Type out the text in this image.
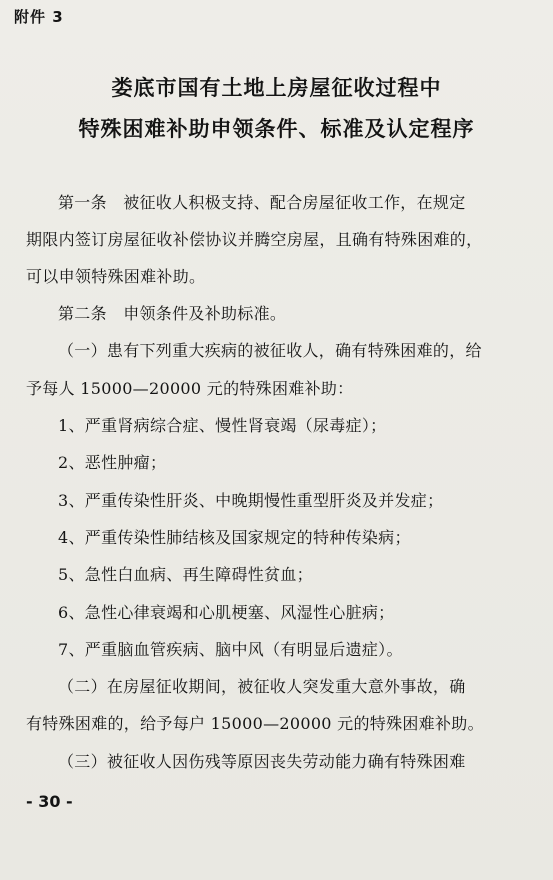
附件 3
娄底市国有土地上房屋征收过程中
特殊困难补助申领条件、标准及认定程序
第一条　被征收人积极支持、配合房屋征收工作，在规定
期限内签订房屋征收补偿协议并腾空房屋，且确有特殊困难的，
可以申领特殊困难补助。
第二条　申领条件及补助标准。
（一）患有下列重大疾病的被征收人，确有特殊困难的，给
予每人 15000—20000 元的特殊困难补助：
1、严重肾病综合症、慢性肾衰竭（尿毒症）；
2、恶性肿瘤；
3、严重传染性肝炎、中晚期慢性重型肝炎及并发症；
4、严重传染性肺结核及国家规定的特种传染病；
5、急性白血病、再生障碍性贫血；
6、急性心律衰竭和心肌梗塞、风湿性心脏病；
7、严重脑血管疾病、脑中风（有明显后遗症）。
（二）在房屋征收期间，被征收人突发重大意外事故，确
有特殊困难的，给予每户 15000—20000 元的特殊困难补助。
（三）被征收人因伤残等原因丧失劳动能力确有特殊困难
- 30 -
